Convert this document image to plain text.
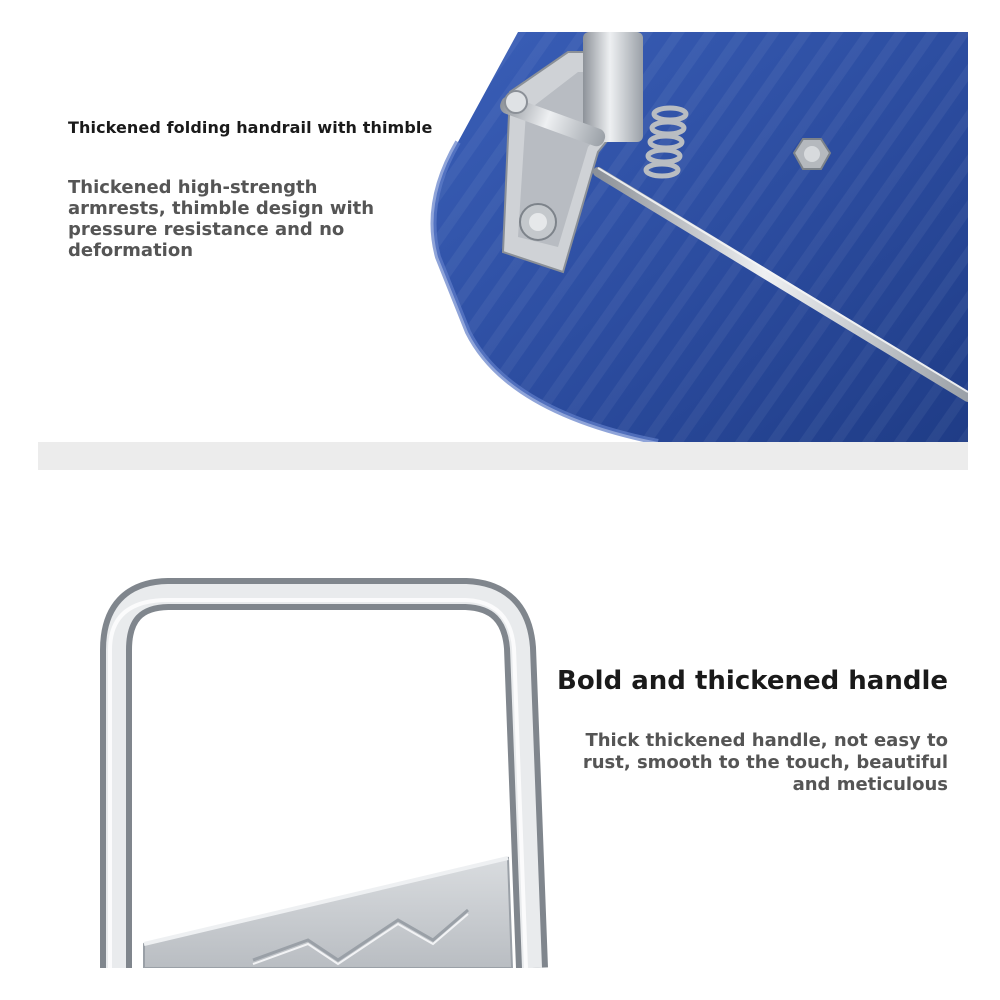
Thickened folding handrail with thimble
Thickened high-strength armrests, thimble design with pressure resistance and no deformation
Bold and thickened handle
Thick thickened handle, not easy to rust, smooth to the touch, beautiful and meticulous
